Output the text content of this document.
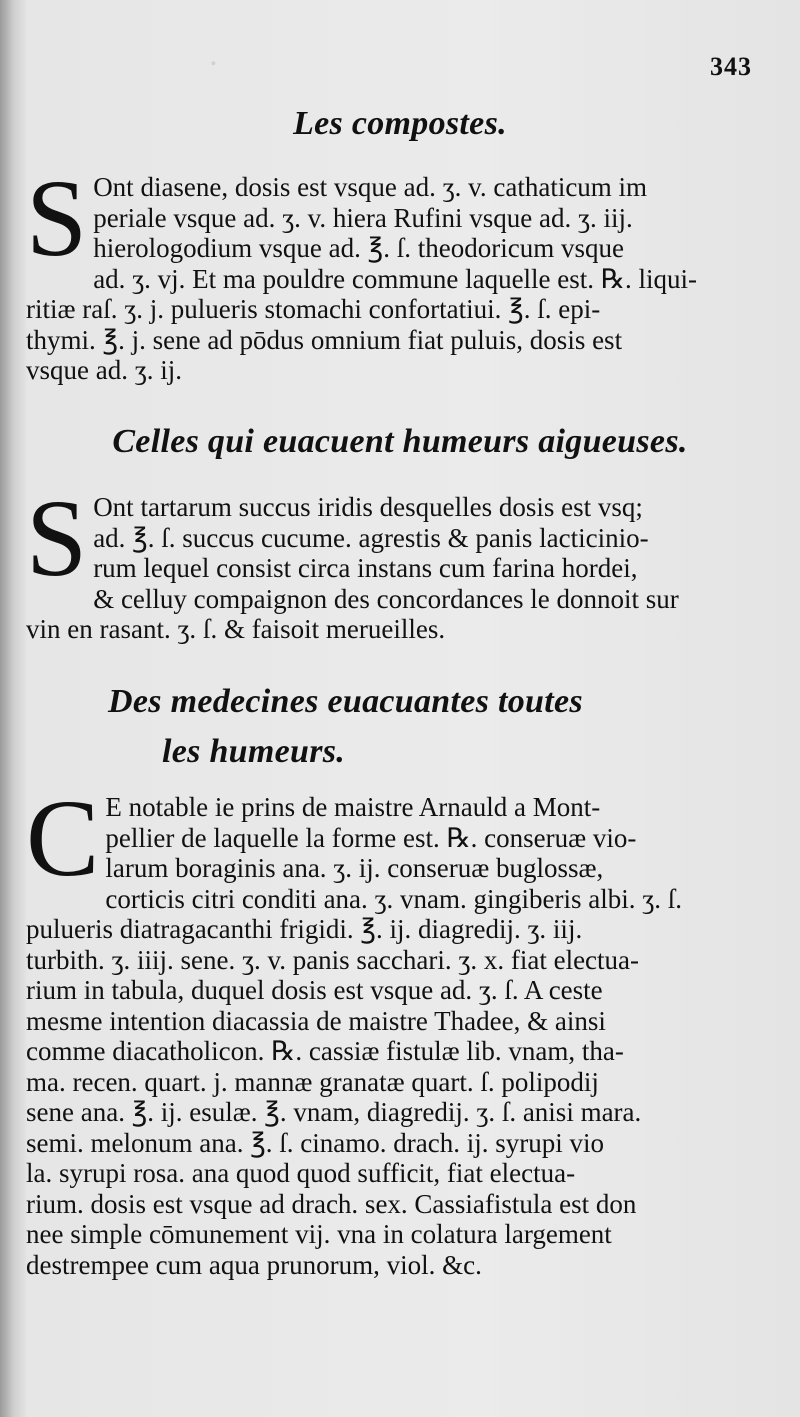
.	343
Les compostes.
S Ont diasene, dosis est vsque ad. ʒ. v. cathaticum im
periale vsque ad. ʒ. v. hiera Rufini vsque ad. ʒ. iij.
hierologodium vsque ad. ℥. ſ. theodoricum vsque
ad. ʒ. vj. Et ma pouldre commune laquelle est. ℞. liqui-
ritiæ raſ. ʒ. j. pulueris stomachi confortatiui. ℥. ſ. epi-
thymi. ℥. j. sene ad pōdus omnium fiat puluis, dosis est
vsque ad. ʒ. ij.
Celles qui euacuent humeurs aigueuses.
S Ont tartarum succus iridis desquelles dosis est vsq;
ad. ℥. ſ. succus cucume. agrestis & panis lacticinio-
rum lequel consist circa instans cum farina hordei,
& celluy compaignon des concordances le donnoit sur
vin en rasant. ʒ. ſ. & faisoit merueilles.
Des medecines euacuantes toutes
les humeurs.
C E notable ie prins de maistre Arnauld a Mont-
pellier de laquelle la forme est. ℞. conseruæ vio-
larum boraginis ana. ʒ. ij. conseruæ buglossæ,
corticis citri conditi ana. ʒ. vnam. gingiberis albi. ʒ. ſ.
pulueris diatragacanthi frigidi. ℥. ij. diagredij. ʒ. iij.
turbith. ʒ. iiij. sene. ʒ. v. panis sacchari. ʒ. x. fiat electua-
rium in tabula, duquel dosis est vsque ad. ʒ. ſ. A ceste
mesme intention diacassia de maistre Thadee, & ainsi
comme diacatholicon. ℞. cassiæ fistulæ lib. vnam, tha-
ma. recen. quart. j. mannæ granatæ quart. ſ. polipodij
sene ana. ℥. ij. esulæ. ℥. vnam, diagredij. ʒ. ſ. anisi mara.
semi. melonum ana. ℥. ſ. cinamo. drach. ij. syrupi vio
la. syrupi rosa. ana quod quod sufficit, fiat electua-
rium. dosis est vsque ad drach. sex. Cassiafistula est don
nee simple cōmunement vij. vna in colatura largement
destrempee cum aqua prunorum, viol. &c.
